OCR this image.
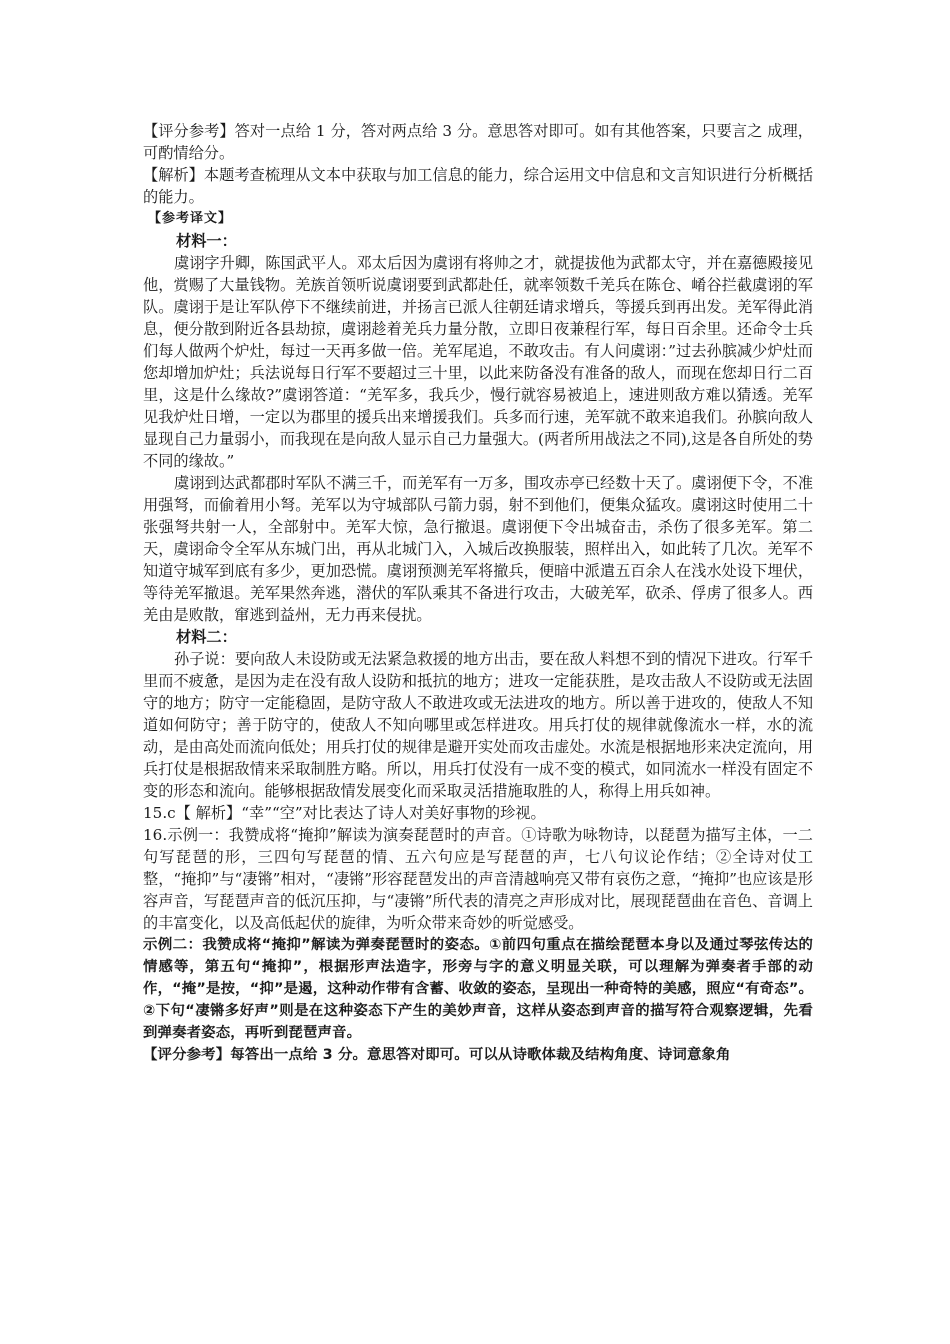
【评分参考】答对一点给 1 分，答对两点给 3 分。意思答对即可。如有其他答案，只要言之 成理，可酌情给分。

【解析】本题考查梳理从文本中获取与加工信息的能力，综合运用文中信息和文言知识进行分析概括的能力。

【参考译文】

材料一：

虞诩字升卿，陈国武平人。邓太后因为虞诩有将帅之才，就提拔他为武都太守，并在嘉德殿接见他，赏赐了大量钱物。羌族首领听说虞诩要到武都赴任，就率领数千羌兵在陈仓、崤谷拦截虞诩的军队。虞诩于是让军队停下不继续前进，并扬言已派人往朝廷请求增兵，等援兵到再出发。羌军得此消息，便分散到附近各县劫掠，虞诩趁着羌兵力量分散，立即日夜兼程行军，每日百余里。还命令士兵们每人做两个炉灶，每过一天再多做一倍。羌军尾追，不敢攻击。有人问虞诩：”过去孙膑减少炉灶而您却增加炉灶；兵法说每日行军不要超过三十里，以此来防备没有准备的敌人，而现在您却日行二百里，这是什么缘故?”虞诩答道：“羌军多，我兵少，慢行就容易被追上，速进则敌方难以猜透。羌军见我炉灶日增，一定以为郡里的援兵出来增援我们。兵多而行速，羌军就不敢来追我们。孙膑向敌人显现自己力量弱小，而我现在是向敌人显示自己力量强大。(两者所用战法之不同),这是各自所处的势不同的缘故。”

虞诩到达武都郡时军队不满三千，而羌军有一万多，围攻赤亭已经数十天了。虞诩便下令，不准用强弩，而偷着用小弩。羌军以为守城部队弓箭力弱，射不到他们，便集众猛攻。虞诩这时使用二十张强弩共射一人，全部射中。羌军大惊，急行撤退。虞诩便下令出城奋击，杀伤了很多羌军。第二天，虞诩命令全军从东城门出，再从北城门入，入城后改换服装，照样出入，如此转了几次。羌军不知道守城军到底有多少，更加恐慌。虞诩预测羌军将撤兵，便暗中派遣五百余人在浅水处设下埋伏，等待羌军撤退。羌军果然奔逃，潜伏的军队乘其不备进行攻击，大破羌军，砍杀、俘虏了很多人。西羌由是败散，窜逃到益州，无力再来侵扰。

材料二：

孙子说：要向敌人未设防或无法紧急救援的地方出击，要在敌人料想不到的情况下进攻。行军千里而不疲惫，是因为走在没有敌人设防和抵抗的地方；进攻一定能获胜，是攻击敌人不设防或无法固守的地方；防守一定能稳固，是防守敌人不敢进攻或无法进攻的地方。所以善于进攻的，使敌人不知道如何防守；善于防守的，使敌人不知向哪里或怎样进攻。用兵打仗的规律就像流水一样，水的流动，是由高处而流向低处；用兵打仗的规律是避开实处而攻击虚处。水流是根据地形来决定流向，用兵打仗是根据敌情来采取制胜方略。所以，用兵打仗没有一成不变的模式，如同流水一样没有固定不变的形态和流向。能够根据敌情发展变化而采取灵活措施取胜的人，称得上用兵如神。

15.c【 解析】“幸”“空”对比表达了诗人对美好事物的珍视。

16.示例一：我赞成将“掩抑”解读为演奏琵琶时的声音。①诗歌为咏物诗，以琵琶为描写主体，一二句写琵琶的形，三四句写琵琶的情、五六句应是写琵琶的声，七八句议论作结；②全诗对仗工整，“掩抑”与“凄锵”相对，“凄锵”形容琵琶发出的声音清越响亮又带有哀伤之意，“掩抑”也应该是形容声音，写琵琶声音的低沉压抑，与“凄锵”所代表的清亮之声形成对比，展现琵琶曲在音色、音调上的丰富变化，以及高低起伏的旋律，为听众带来奇妙的听觉感受。

示例二：我赞成将“掩抑”解读为弹奏琵琶时的姿态。①前四句重点在描绘琵琶本身以及通过琴弦传达的情感等，第五句“掩抑”，根据形声法造字，形旁与字的意义明显关联，可以理解为弹奏者手部的动作，“掩”是按，“抑”是遏，这种动作带有含蓄、收敛的姿态，呈现出一种奇特的美感，照应“有奇态”。②下句“凄锵多好声”则是在这种姿态下产生的美妙声音，这样从姿态到声音的描写符合观察逻辑，先看到弹奏者姿态，再听到琵琶声音。

【评分参考】每答出一点给 3 分。意思答对即可。可以从诗歌体裁及结构角度、诗词意象角
